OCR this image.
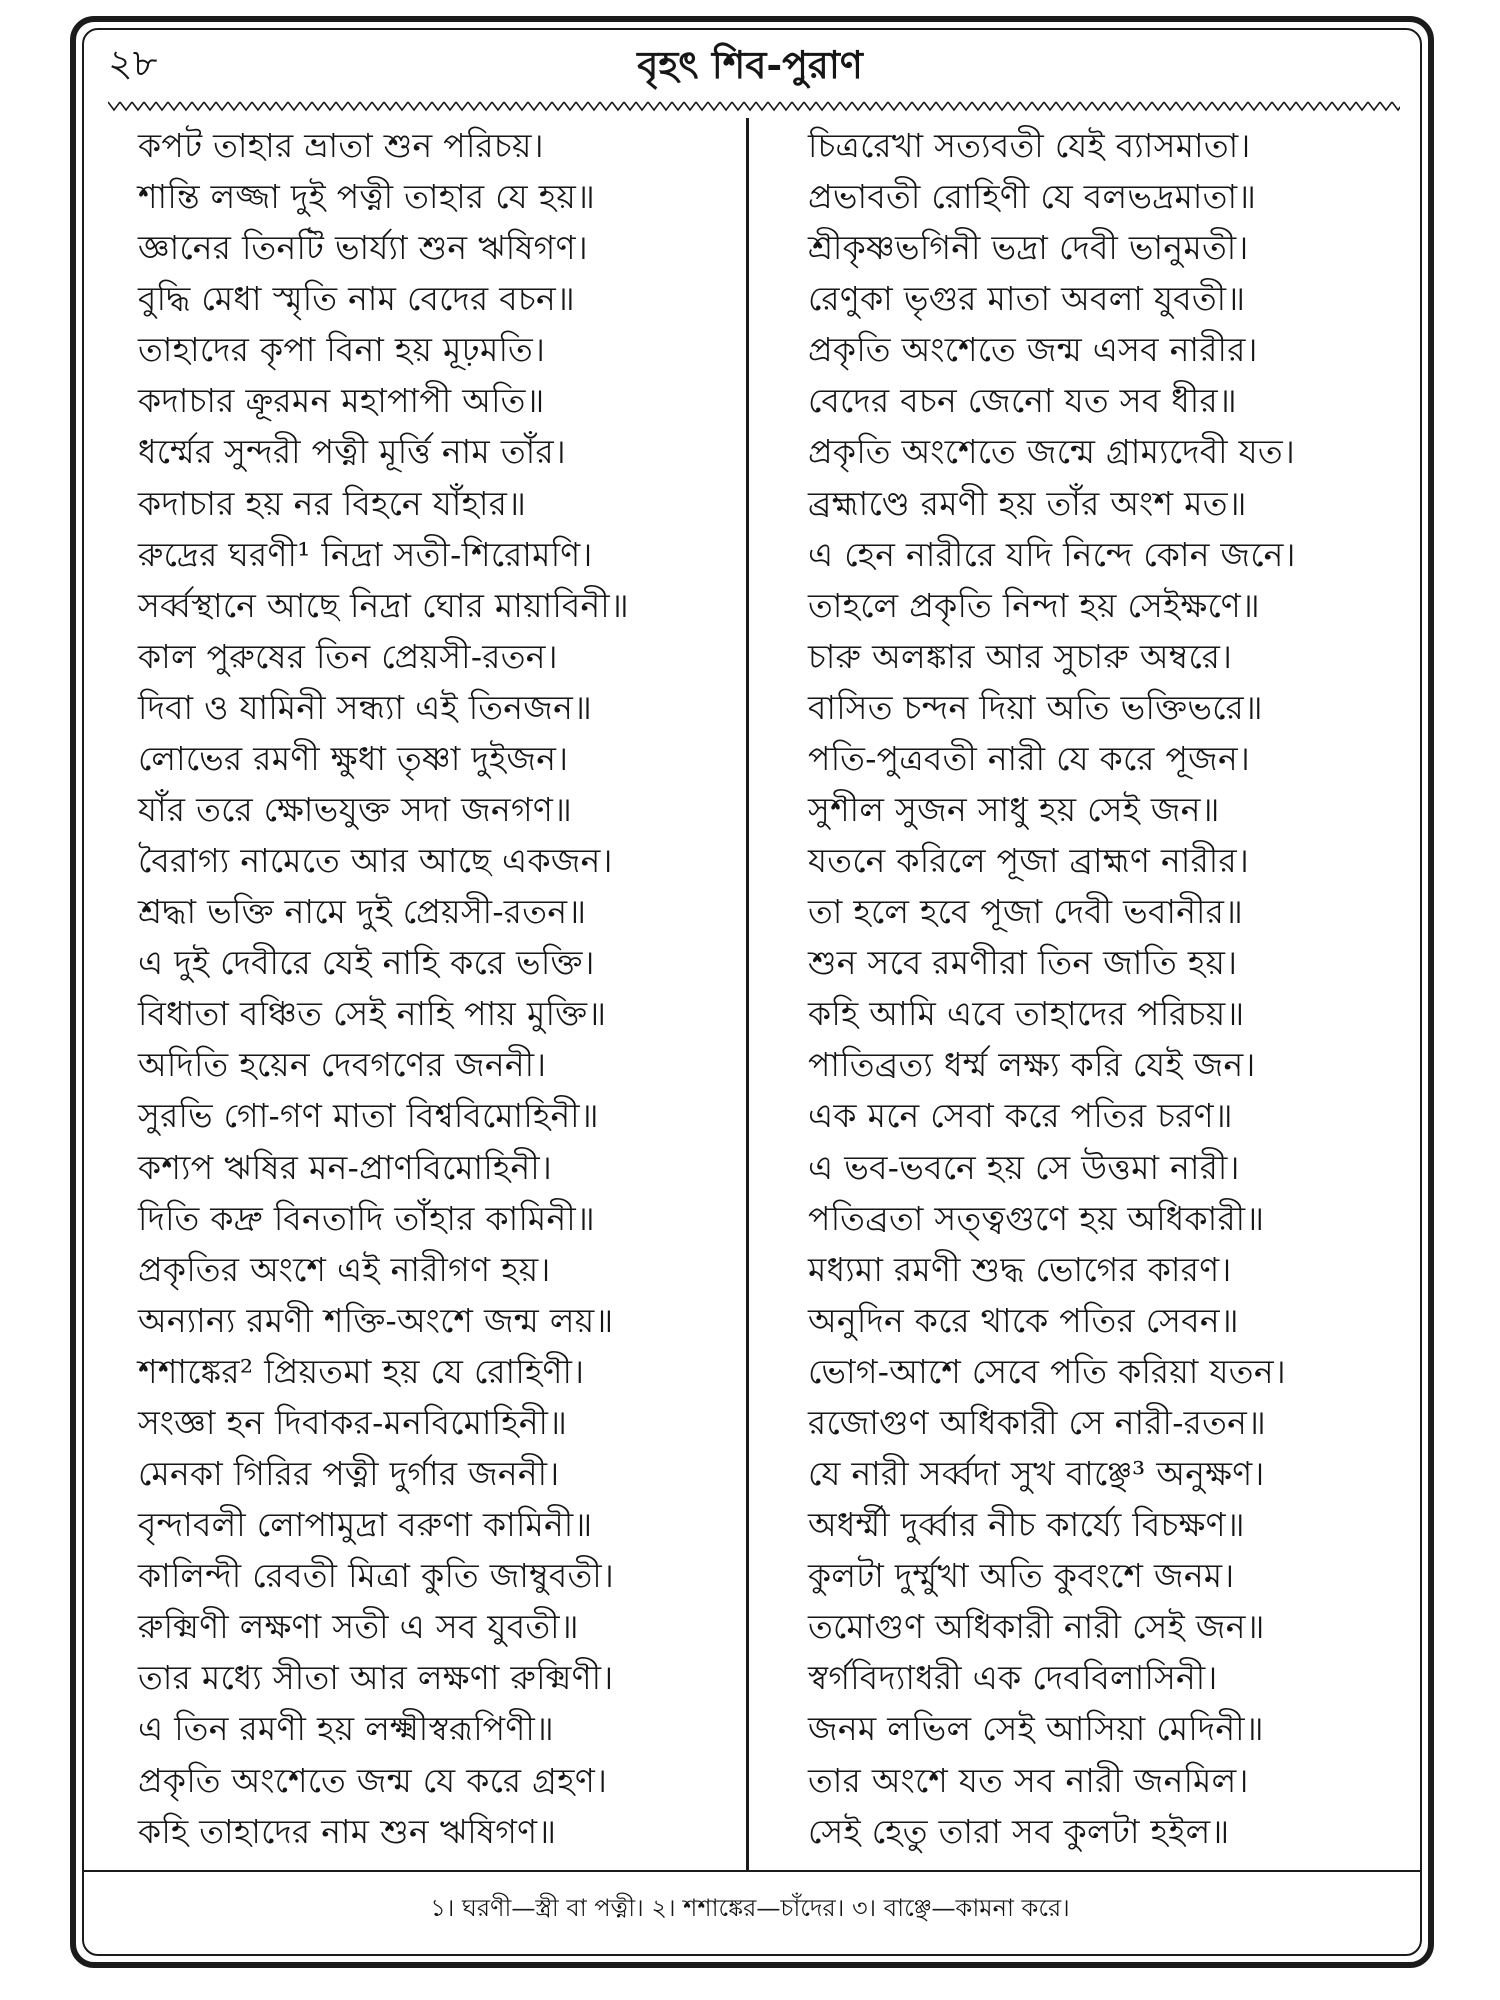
২৮	বৃহৎ শিব-পুরাণ
কপট তাহার ভ্রাতা শুন পরিচয়।
শান্তি লজ্জা দুই পত্নী তাহার যে হয়॥
জ্ঞানের তিনটি ভার্য্যা শুন ঋষিগণ।
বুদ্ধি মেধা স্মৃতি নাম বেদের বচন॥
তাহাদের কৃপা বিনা হয় মূঢ়মতি।
কদাচার ক্রূরমন মহাপাপী অতি॥
ধর্ম্মের সুন্দরী পত্নী মূর্ত্তি নাম তাঁর।
কদাচার হয় নর বিহনে যাঁহার॥
রুদ্রের ঘরণী¹ নিদ্রা সতী-শিরোমণি।
সর্ব্বস্থানে আছে নিদ্রা ঘোর মায়াবিনী॥
কাল পুরুষের তিন প্রেয়সী-রতন।
দিবা ও যামিনী সন্ধ্যা এই তিনজন॥
লোভের রমণী ক্ষুধা তৃষ্ণা দুইজন।
যাঁর তরে ক্ষোভযুক্ত সদা জনগণ॥
বৈরাগ্য নামেতে আর আছে একজন।
শ্রদ্ধা ভক্তি নামে দুই প্রেয়সী-রতন॥
এ দুই দেবীরে যেই নাহি করে ভক্তি।
বিধাতা বঞ্চিত সেই নাহি পায় মুক্তি॥
অদিতি হয়েন দেবগণের জননী।
সুরভি গো-গণ মাতা বিশ্ববিমোহিনী॥
কশ্যপ ঋষির মন-প্রাণবিমোহিনী।
দিতি কদ্রু বিনতাদি তাঁহার কামিনী॥
প্রকৃতির অংশে এই নারীগণ হয়।
অন্যান্য রমণী শক্তি-অংশে জন্ম লয়॥
শশাঙ্কের² প্রিয়তমা হয় যে রোহিণী।
সংজ্ঞা হন দিবাকর-মনবিমোহিনী॥
মেনকা গিরির পত্নী দুর্গার জননী।
বৃন্দাবলী লোপামুদ্রা বরুণা কামিনী॥
কালিন্দী রেবতী মিত্রা কুতি জাম্বুবতী।
রুক্মিণী লক্ষণা সতী এ সব যুবতী॥
তার মধ্যে সীতা আর লক্ষণা রুক্মিণী।
এ তিন রমণী হয় লক্ষ্মীস্বরূপিণী॥
প্রকৃতি অংশেতে জন্ম যে করে গ্রহণ।
কহি তাহাদের নাম শুন ঋষিগণ॥
চিত্ররেখা সত্যবতী যেই ব্যাসমাতা।
প্রভাবতী রোহিণী যে বলভদ্রমাতা॥
শ্রীকৃষ্ণভগিনী ভদ্রা দেবী ভানুমতী।
রেণুকা ভৃগুর মাতা অবলা যুবতী॥
প্রকৃতি অংশেতে জন্ম এসব নারীর।
বেদের বচন জেনো যত সব ধীর॥
প্রকৃতি অংশেতে জন্মে গ্রাম্যদেবী যত।
ব্রহ্মাণ্ডে রমণী হয় তাঁর অংশ মত॥
এ হেন নারীরে যদি নিন্দে কোন জনে।
তাহলে প্রকৃতি নিন্দা হয় সেইক্ষণে॥
চারু অলঙ্কার আর সুচারু অম্বরে।
বাসিত চন্দন দিয়া অতি ভক্তিভরে॥
পতি-পুত্রবতী নারী যে করে পূজন।
সুশীল সুজন সাধু হয় সেই জন॥
যতনে করিলে পূজা ব্রাহ্মণ নারীর।
তা হলে হবে পূজা দেবী ভবানীর॥
শুন সবে রমণীরা তিন জাতি হয়।
কহি আমি এবে তাহাদের পরিচয়॥
পাতিব্রত্য ধর্ম্ম লক্ষ্য করি যেই জন।
এক মনে সেবা করে পতির চরণ॥
এ ভব-ভবনে হয় সে উত্তমা নারী।
পতিব্রতা সত্ত্বগুণে হয় অধিকারী॥
মধ্যমা রমণী শুদ্ধ ভোগের কারণ।
অনুদিন করে থাকে পতির সেবন॥
ভোগ-আশে সেবে পতি করিয়া যতন।
রজোগুণ অধিকারী সে নারী-রতন॥
যে নারী সর্ব্বদা সুখ বাঞ্ছে³ অনুক্ষণ।
অধর্ম্মী দুর্ব্বার নীচ কার্য্যে বিচক্ষণ॥
কুলটা দুর্ম্মুখা অতি কুবংশে জনম।
তমোগুণ অধিকারী নারী সেই জন॥
স্বর্গবিদ্যাধরী এক দেববিলাসিনী।
জনম লভিল সেই আসিয়া মেদিনী॥
তার অংশে যত সব নারী জনমিল।
সেই হেতু তারা সব কুলটা হইল॥
১। ঘরণী—স্ত্রী বা পত্নী। ২। শশাঙ্কের—চাঁদের। ৩। বাঞ্ছে—কামনা করে।
